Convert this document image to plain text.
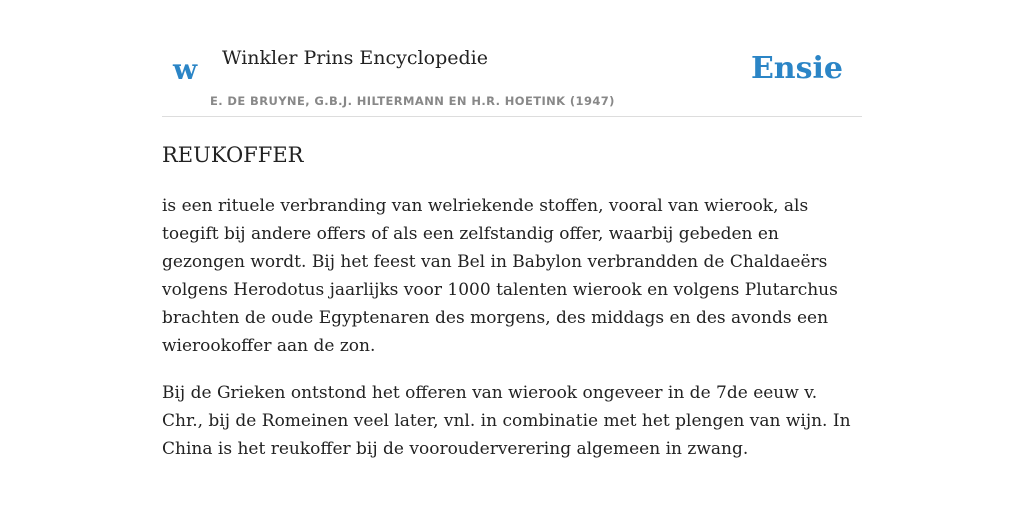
w Winkler Prins Encyclopedie
E. DE BRUYNE, G.B.J. HILTERMANN EN H.R. HOETINK (1947)
Ensie
REUKOFFER

is een rituele verbranding van welriekende stoffen, vooral van wierook, als toegift bij andere offers of als een zelfstandig offer, waarbij gebeden en gezongen wordt. Bij het feest van Bel in Babylon verbrandden de Chaldaeërs volgens Herodotus jaarlijks voor 1000 talenten wierook en volgens Plutarchus brachten de oude Egyptenaren des morgens, des middags en des avonds een wierookoffer aan de zon.

Bij de Grieken ontstond het offeren van wierook ongeveer in de 7de eeuw v. Chr., bij de Romeinen veel later, vnl. in combinatie met het plengen van wijn. In China is het reukoffer bij de voorouderverering algemeen in zwang.
